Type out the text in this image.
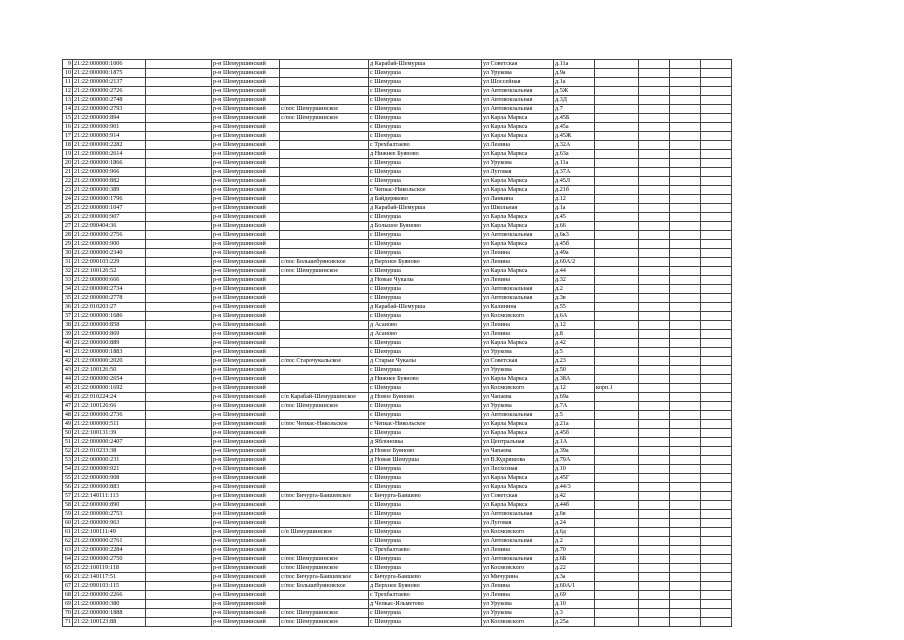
9	21:22:000000:1006		р-н Шемуршинский		д Карабай-Шемурша	ул Советская	д.11а				
10	21:22:000000:1875		р-н Шемуршинский		с Шемурша	ул Урукова	д.9а				
11	21:22:000000:2137		р-н Шемуршинский		с Шемурша	ул Шоссейная	д.1а				
12	21:22:000000:2726		р-н Шемуршинский		с Шемурша	ул Автовокзальная	д.5Ж				
13	21:22:000000:2748		р-н Шемуршинский		с Шемурша	ул Автовокзальная	д.3Д				
14	21:22:000000:2793		р-н Шемуршинский	с/пос Шемуршинское	с Шемурша	ул Автовокзальная	д.7				
15	21:22:000000:894		р-н Шемуршинский	с/пос Шемуршинское	с Шемурша	ул Карла Маркса	д.45Б				
16	21:22:000000:901		р-н Шемуршинский		с Шемурша	ул Карла Маркса	д.45а				
17	21:22:000000:914		р-н Шемуршинский		с Шемурша	ул Карла Маркса	д.45Ж				
18	21:22:000000:2282		р-н Шемуршинский		с Трехбалтаево	ул Ленина	д.32А				
19	21:22:000000:2614		р-н Шемуршинский		д Нижнее Буяново	ул Карла Маркса	д.63а				
20	21:22:000000:1866		р-н Шемуршинский		с Шемурша	ул Урукова	д.11а				
21	21:22:000000:966		р-н Шемуршинский		с Шемурша	ул Луговая	д.37А				
22	21:22:000000:882		р-н Шемуршинский		с Шемурша	ул Карла Маркса	д.45Л				
23	21:22:000000:389		р-н Шемуршинский		с Чепкас-Никольское	ул Карла Маркса	д.21б				
24	21:22:000000:1796		р-н Шемуршинский		д Байдеряково	ул Ланкина	д.12				
25	21:22:000000:1047		р-н Шемуршинский		д Карабай-Шемурша	ул Школьная	д.1а				
26	21:22:000000:907		р-н Шемуршинский		с Шемурша	ул Карла Маркса	д.45				
27	21:22:090404:36		р-н Шемуршинский		д Большое Буяново	ул Карла Маркса	д.66				
28	21:22:000000:2756		р-н Шемуршинский		с Шемурша	ул Автовокзальная	д.6к3				
29	21:22:000000:900		р-н Шемуршинский		с Шемурша	ул Карла Маркса	д.45б				
30	21:22:000000:2340		р-н Шемуршинский		с Шемурша	ул Ленина	д.49а				
31	21:22:090103:229		р-н Шемуршинский	с/пос Большебуяновское	д Верхнее Буяново	ул Ленина	д.60А/2				
32	21:22:100126:52		р-н Шемуршинский	с/пос Шемуршинское	с Шемурша	ул Карла Маркса	д.44				
33	21:22:000000:666		р-н Шемуршинский		д Новые Чукалы	ул Ленина	д.32				
34	21:22:000000:2734		р-н Шемуршинский		с Шемурша	ул Автовокзальная	д.2				
35	21:22:000000:2778		р-н Шемуршинский		с Шемурша	ул Автовокзальная	д.3в				
36	21:22:010203:27		р-н Шемуршинский		д Карабай-Шемурша	ул Калинина	д.55				
37	21:22:000000:1686		р-н Шемуршинский		с Шемурша	ул Космовского	д.6А				
38	21:22:000000:858		р-н Шемуршинский		д Асаново	ул Ленина	д.12				
39	21:22:000000:869		р-н Шемуршинский		д Асаново	ул Ленина	д.8				
40	21:22:000000:889		р-н Шемуршинский		с Шемурша	ул Карла Маркса	д.42				
41	21:22:000000:1883		р-н Шемуршинский		с Шемурша	ул Урукова	д.5				
42	21:22:000000:2020		р-н Шемуршинский	с/пос Старочукальское	д Старые Чукалы	ул Советская	д.23				
43	21:22:100126:50		р-н Шемуршинский		с Шемурша	ул Урукова	д.50				
44	21:22:000000:2654		р-н Шемуршинский		д Нижнее Буяново	ул Карла Маркса	д.38А				
45	21:22:000000:1692		р-н Шемуршинский		с Шемурша	ул Космовского	д.12	корп.1			
46	21:22:010224:24		р-н Шемуршинский	с/п Карабай-Шемуршинское	д Новое Буяново	ул Чапаева	д.69а				
47	21:22:100126:66		р-н Шемуршинский	с/пос Шемуршинское	с Шемурша	ул Урукова	д.7А				
48	21:22:000000:2736		р-н Шемуршинский		с Шемурша	ул Автовокзальная	д.5				
49	21:22:000000:511		р-н Шемуршинский	с/пос Чепкас-Никольское	с Чепкас-Никольское	ул Карла Маркса	д.21а				
50	21:22:100131:39		р-н Шемуршинский		с Шемурша	ул Карла Маркса	д.45б				
51	21:22:000000:2407		р-н Шемуршинский		д Яблоновка	ул Центральная	д.1А				
52	21:22:010233:38		р-н Шемуршинский		д Новое Буяново	ул Чапаева	д.39а				
53	21:22:000000:231		р-н Шемуршинский		д Новая Шемурша	ул В.Кудряшова	д.79А				
54	21:22:000000:921		р-н Шемуршинский		с Шемурша	ул Лесхозная	д.10				
55	21:22:000000:908		р-н Шемуршинский		с Шемурша	ул Карла Маркса	д.45Г				
56	21:22:000000:883		р-н Шемуршинский		с Шемурша	ул Карла Маркса	д.44/3				
57	21:22:140111:113		р-н Шемуршинский	с/пос Бичурга-Баишевское	с Бичурга-Баишево	ул Советская	д.42				
58	21:22:000000:890		р-н Шемуршинский		с Шемурша	ул Карла Маркса	д.44б				
59	21:22:000000:2753		р-н Шемуршинский		с Шемурша	ул Автовокзальная	д.6в				
60	21:22:000000:963		р-н Шемуршинский		с Шемурша	ул Луговая	д.24				
61	21:22:100111:49		р-н Шемуршинский	с/п Шемуршинское	с Шемурша	ул Космовского	д.6д				
62	21:22:000000:2761		р-н Шемуршинский		с Шемурша	ул Автовокзальная	д.2				
63	21:22:000000:2284		р-н Шемуршинский		с Трехбалтаево	ул Ленина	д.70				
64	21:22:000000:2750		р-н Шемуршинский	с/пос Шемуршинское	с Шемурша	ул Автовокзальная	д.6Б				
65	21:22:100119:118		р-н Шемуршинский	с/пос Шемуршинское	с Шемурша	ул Космовского	д.22				
66	21:22:140117:51		р-н Шемуршинский	с/пос Бичурга-Баишевское	с Бичурга-Баишево	ул Мичурина	д.3а				
67	21:22:090103:115		р-н Шемуршинский	с/пос Большебуяновское	д Верхнее Буяново	ул Ленина	д.60А/1				
68	21:22:000000:2266		р-н Шемуршинский		с Трехбалтаево	ул Ленина	д.69				
69	21:22:000000:380		р-н Шемуршинский		д Чепкас-Ильметево	ул Урукова	д.10				
70	21:22:000000:1888		р-н Шемуршинский	с/пос Шемуршинское	с Шемурша	ул Урукова	д.3				
71	21:22:100123:88		р-н Шемуршинский	с/пос Шемуршинское	с Шемурша	ул Космовского	д.25а				
